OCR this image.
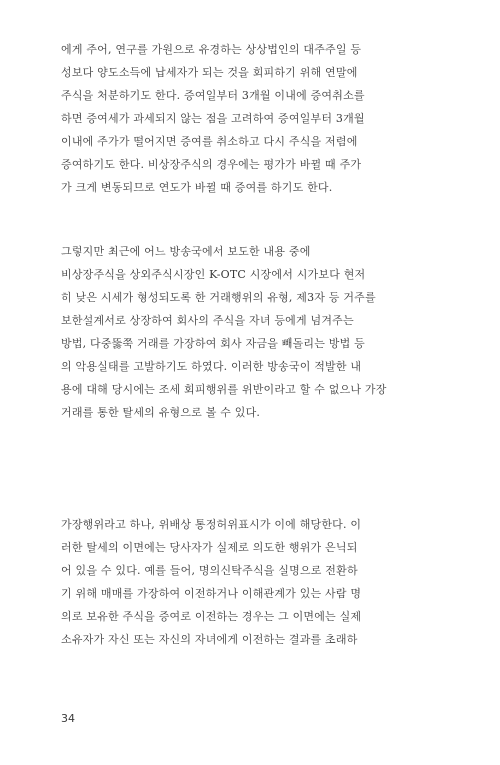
에게 주어, 연구를 가원으로 유경하는 상상법인의 대주주일 등
성보다 양도소득에 납세자가 되는 것을 회피하기 위해 연말에
주식을 처분하기도 한다. 증여일부터 3개월 이내에 증여취소를
하면 증여세가 과세되지 않는 점을 고려하여 증여일부터 3개월
이내에 주가가 떨어지면 증여를 취소하고 다시 주식을 저렴에
증여하기도 한다. 비상장주식의 경우에는 평가가 바뀔 때 주가
가 크게 변동되므로 연도가 바뀔 때 증여를 하기도 한다.

그렇지만 최근에 어느 방송국에서 보도한 내용 중에
비상장주식을 상외주식시장인 K-OTC 시장에서 시가보다 현저
히 낮은 시세가 형성되도록 한 거래행위의 유형, 제3자 등 거주를
보한설계서로 상장하여 회사의 주식을 자녀 등에게 넘겨주는
방법, 다중뚫쭉 거래를 가장하여 회사 자금을 빼돌리는 방법 등
의 악용실태를 고발하기도 하였다. 이러한 방송국이 적발한 내
용에 대해 당시에는 조세 회피행위를 위반이라고 할 수 없으나 가장
거래를 통한 탈세의 유형으로 볼 수 있다.

가장행위라고 하나, 위배상 통정허위표시가 이에 해당한다. 이
러한 탈세의 이면에는 당사자가 실제로 의도한 행위가 은닉되
어 있을 수 있다. 예를 들어, 명의신탁주식을 실명으로 전환하
기 위해 매매를 가장하여 이전하거나 이해관계가 있는 사람 명
의로 보유한 주식을 증여로 이전하는 경우는 그 이면에는 실제
소유자가 자신 또는 자신의 자녀에게 이전하는 결과를 초래하

34
